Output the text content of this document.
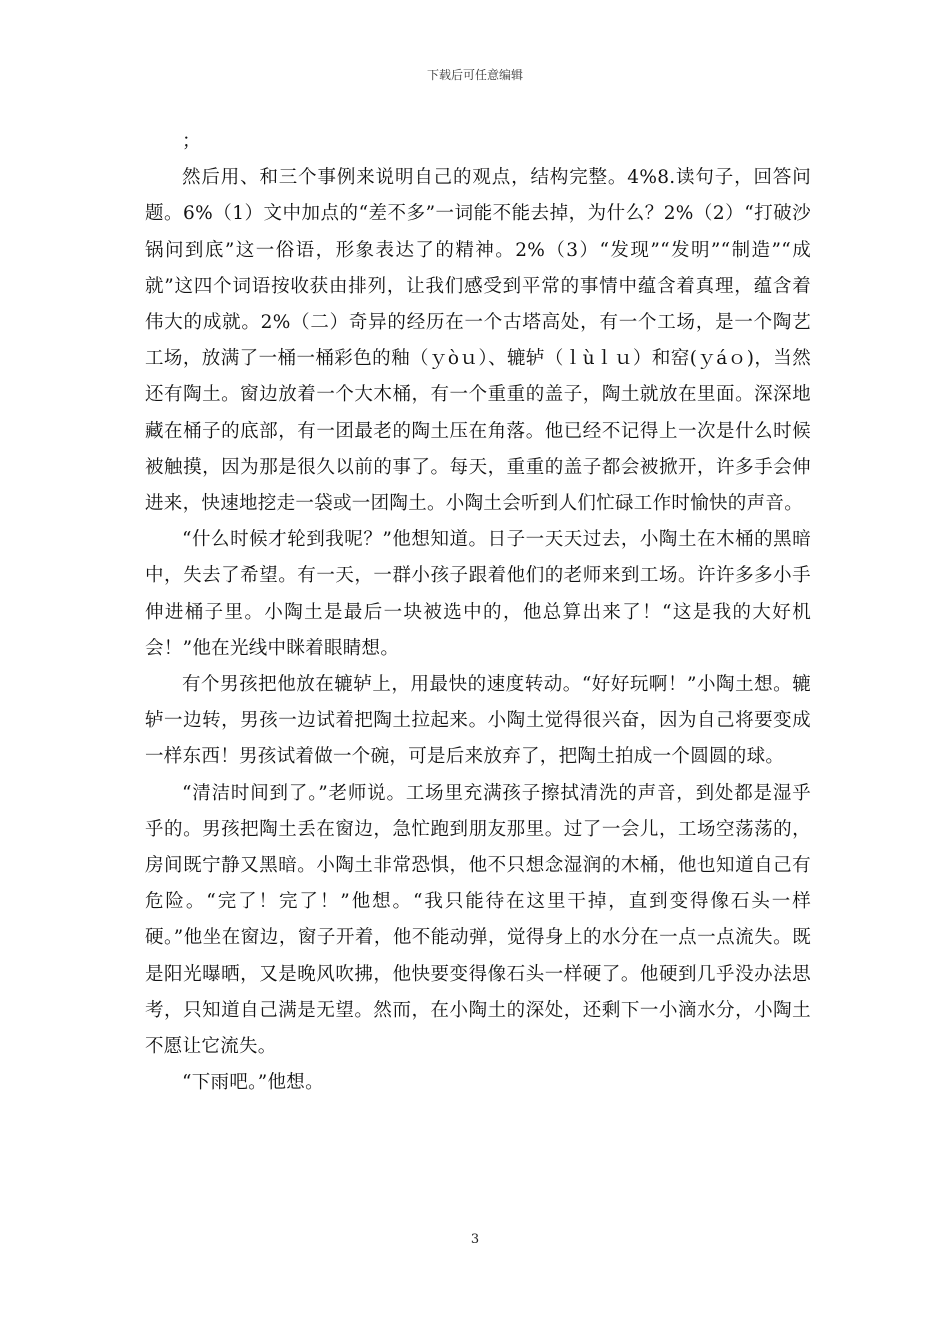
下载后可任意编辑

；

然后用、和三个事例来说明自己的观点，结构完整。4%8.读句子，回答问题。6%（1）文中加点的“差不多”一词能不能去掉，为什么？2%（2）“打破沙锅问到底”这一俗语，形象表达了的精神。2%（3）“发现”“发明”“制造”“成就”这四个词语按收获由排列，让我们感受到平常的事情中蕴含着真理，蕴含着伟大的成就。2%（二）奇异的经历在一个古塔高处，有一个工场，是一个陶艺工场，放满了一桶一桶彩色的釉（ｙòｕ）、辘轳（ｌùｌｕ）和窑(ｙáｏ)，当然还有陶土。窗边放着一个大木桶，有一个重重的盖子，陶土就放在里面。深深地藏在桶子的底部，有一团最老的陶土压在角落。他已经不记得上一次是什么时候被触摸，因为那是很久以前的事了。每天，重重的盖子都会被掀开，许多手会伸进来，快速地挖走一袋或一团陶土。小陶土会听到人们忙碌工作时愉快的声音。

“什么时候才轮到我呢？”他想知道。日子一天天过去，小陶土在木桶的黑暗中，失去了希望。有一天，一群小孩子跟着他们的老师来到工场。许许多多小手伸进桶子里。小陶土是最后一块被选中的，他总算出来了！“这是我的大好机会！”他在光线中眯着眼睛想。

有个男孩把他放在辘轳上，用最快的速度转动。“好好玩啊！”小陶土想。辘轳一边转，男孩一边试着把陶土拉起来。小陶土觉得很兴奋，因为自己将要变成一样东西！男孩试着做一个碗，可是后来放弃了，把陶土拍成一个圆圆的球。

“清洁时间到了。”老师说。工场里充满孩子擦拭清洗的声音，到处都是湿乎乎的。男孩把陶土丢在窗边，急忙跑到朋友那里。过了一会儿，工场空荡荡的，房间既宁静又黑暗。小陶土非常恐惧，他不只想念湿润的木桶，他也知道自己有危险。“完了！完了！”他想。“我只能待在这里干掉，直到变得像石头一样硬。”他坐在窗边，窗子开着，他不能动弹，觉得身上的水分在一点一点流失。既是阳光曝晒，又是晚风吹拂，他快要变得像石头一样硬了。他硬到几乎没办法思考，只知道自己满是无望。然而，在小陶土的深处，还剩下一小滴水分，小陶土不愿让它流失。

“下雨吧。”他想。

3
